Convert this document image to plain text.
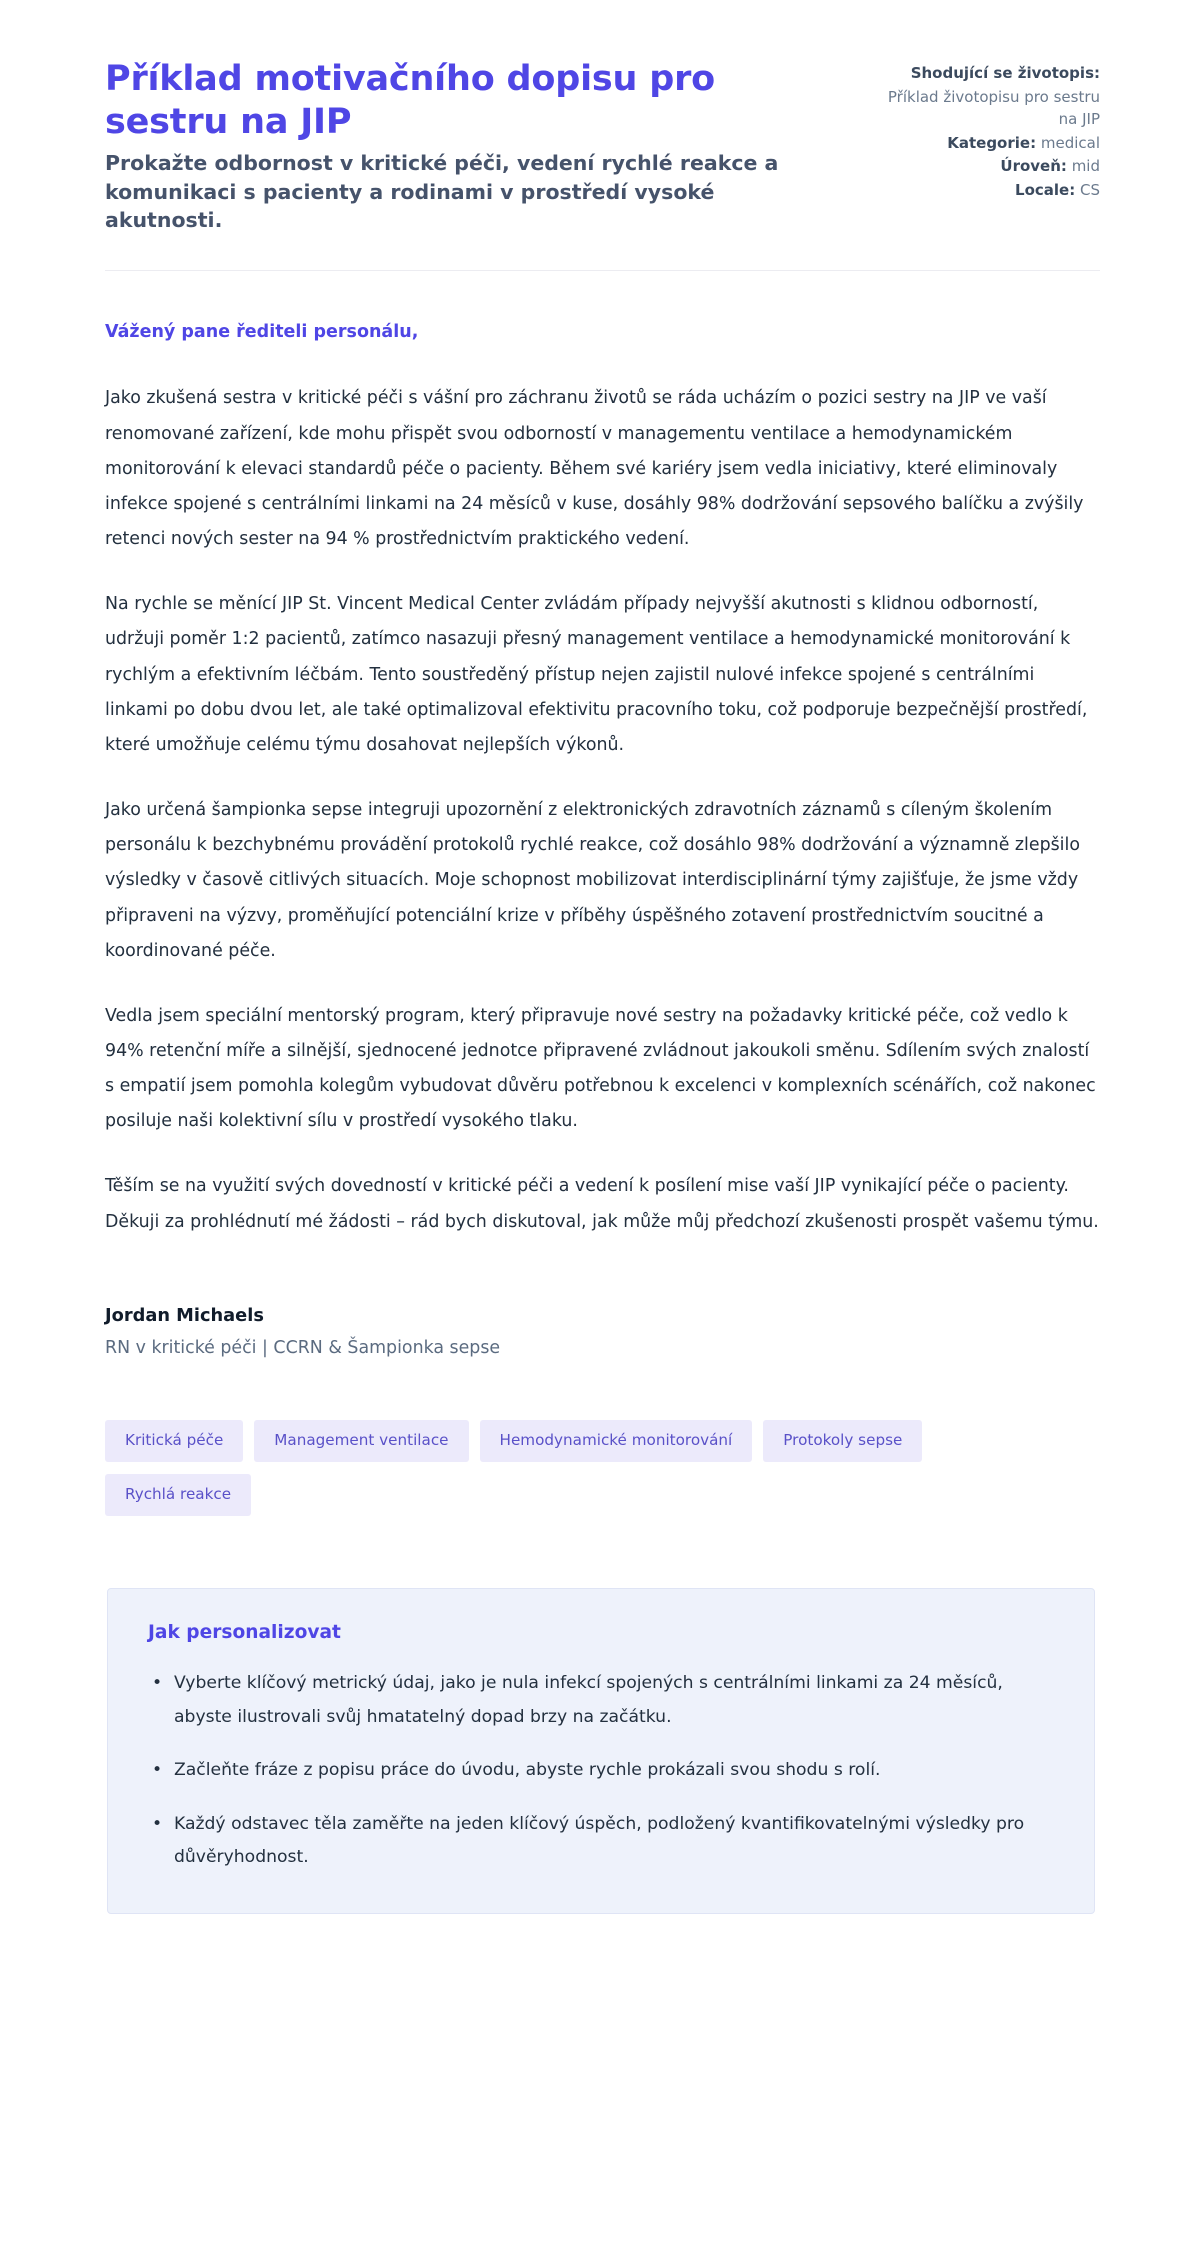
Příklad motivačního dopisu pro sestru na JIP

Prokažte odbornost v kritické péči, vedení rychlé reakce a komunikaci s pacienty a rodinami v prostředí vysoké akutnosti.

Shodující se životopis:

Příklad životopisu pro sestru na JIP

Kategorie: medical

Úroveň: mid

Locale: CS

Vážený pane řediteli personálu,

Jako zkušená sestra v kritické péči s vášní pro záchranu životů se ráda ucházím o pozici sestry na JIP ve vaší renomované zařízení, kde mohu přispět svou odborností v managementu ventilace a hemodynamickém monitorování k elevaci standardů péče o pacienty. Během své kariéry jsem vedla iniciativy, které eliminovaly infekce spojené s centrálními linkami na 24 měsíců v kuse, dosáhly 98% dodržování sepsového balíčku a zvýšily retenci nových sester na 94 % prostřednictvím praktického vedení.

Na rychle se měnící JIP St. Vincent Medical Center zvládám případy nejvyšší akutnosti s klidnou odborností, udržuji poměr 1:2 pacientů, zatímco nasazuji přesný management ventilace a hemodynamické monitorování k rychlým a efektivním léčbám. Tento soustředěný přístup nejen zajistil nulové infekce spojené s centrálními linkami po dobu dvou let, ale také optimalizoval efektivitu pracovního toku, což podporuje bezpečnější prostředí, které umožňuje celému týmu dosahovat nejlepších výkonů.

Jako určená šampionka sepse integruji upozornění z elektronických zdravotních záznamů s cíleným školením personálu k bezchybnému provádění protokolů rychlé reakce, což dosáhlo 98% dodržování a významně zlepšilo výsledky v časově citlivých situacích. Moje schopnost mobilizovat interdisciplinární týmy zajišťuje, že jsme vždy připraveni na výzvy, proměňující potenciální krize v příběhy úspěšného zotavení prostřednictvím soucitné a koordinované péče.

Vedla jsem speciální mentorský program, který připravuje nové sestry na požadavky kritické péče, což vedlo k 94% retenční míře a silnější, sjednocené jednotce připravené zvládnout jakoukoli směnu. Sdílením svých znalostí s empatií jsem pomohla kolegům vybudovat důvěru potřebnou k excelenci v komplexních scénářích, což nakonec posiluje naši kolektivní sílu v prostředí vysokého tlaku.

Těším se na využití svých dovedností v kritické péči a vedení k posílení mise vaší JIP vynikající péče o pacienty. Děkuji za prohlédnutí mé žádosti – rád bych diskutoval, jak může můj předchozí zkušenosti prospět vašemu týmu.

Jordan Michaels

RN v kritické péči | CCRN & Šampionka sepse

Kritická péče	Management ventilace	Hemodynamické monitorování	Protokoly sepse
Rychlá reakce

Jak personalizovat

• Vyberte klíčový metrický údaj, jako je nula infekcí spojených s centrálními linkami za 24 měsíců, abyste ilustrovali svůj hmatatelný dopad brzy na začátku.
• Začleňte fráze z popisu práce do úvodu, abyste rychle prokázali svou shodu s rolí.
• Každý odstavec těla zaměřte na jeden klíčový úspěch, podložený kvantifikovatelnými výsledky pro důvěryhodnost.
